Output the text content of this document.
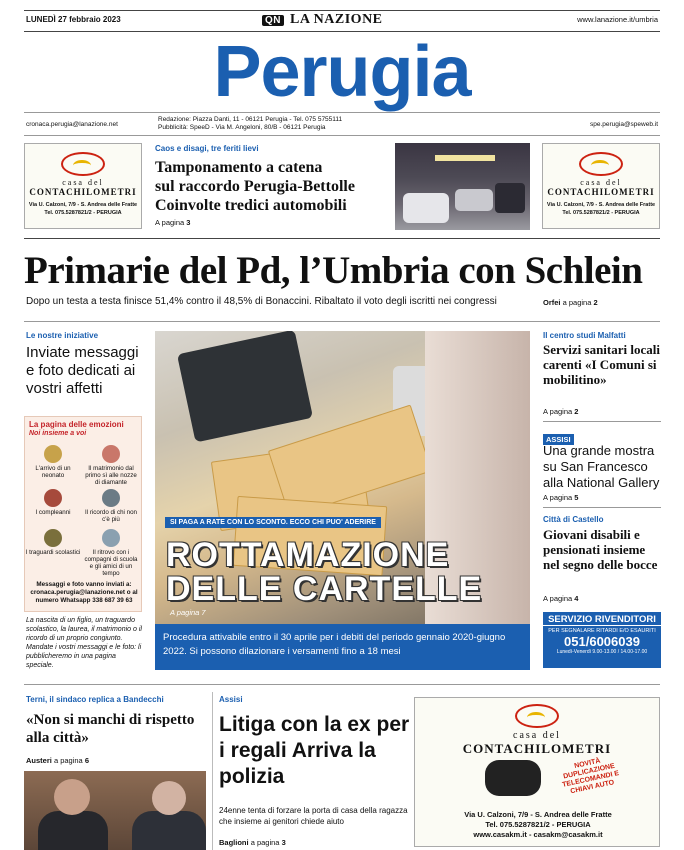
LUNEDÌ 27 febbraio 2023	QN LA NAZIONE	www.lanazione.it/umbria
Perugia
cronaca.perugia@lanazione.net
Redazione: Piazza Danti, 11 - 06121 Perugia - Tel. 075 5755111
Pubblicità: SpeeD - Via M. Angeloni, 80/B - 06121 Perugia	spe.perugia@speweb.it
casa del
CONTACHILOMETRI
Via U. Calzoni, 7/9 - S. Andrea delle Fratte
Tel. 075.5287821/2 - PERUGIA
casa del
CONTACHILOMETRI
Via U. Calzoni, 7/9 - S. Andrea delle Fratte
Tel. 075.5287821/2 - PERUGIA
Caos e disagi, tre feriti lievi
Tamponamento a catena
sul raccordo Perugia-Bettolle
Coinvolte tredici automobili
A pagina 3
Primarie del Pd, l’Umbria con Schlein
Dopo un testa a testa finisce 51,4% contro il 48,5% di Bonaccini. Ribaltato il voto degli iscritti nei congressi	Orfei a pagina 2
Le nostre iniziative
Inviate messaggi e foto dedicati ai vostri affetti
La pagina delle emozioni
Noi insieme a voi
L'arrivo di un neonato
Il matrimonio dal primo sì alle nozze di diamante
I compleanni	Il ricordo di chi non c'è più
I traguardi scolastici	Il ritrovo con i compagni di scuola e gli amici di un tempo
Messaggi e foto vanno inviati a: cronaca.perugia@lanazione.net o al numero Whatsapp 338 687 39 63
La nascita di un figlio, un traguardo scolastico, la laurea, il matrimonio o il ricordo di un proprio congiunto. Mandate i vostri messaggi e le foto: li pubblicheremo in una pagina speciale.
SI PAGA A RATE CON LO SCONTO. ECCO CHI PUO' ADERIRE
ROTTAMAZIONE
DELLE CARTELLE
A pagina 7
Procedura attivabile entro il 30 aprile per i debiti del periodo gennaio 2020-giugno 2022. Si possono dilazionare i versamenti fino a 18 mesi
Il centro studi Malfatti
Servizi sanitari locali carenti «I Comuni si mobilitino»
A pagina 2
ASSISI
Una grande mostra su San Francesco alla National Gallery
A pagina 5
Città di Castello
Giovani disabili e pensionati insieme nel segno delle bocce
A pagina 4
SERVIZIO RIVENDITORI
PER SEGNALARE RITARDI E/O ESAURITI
051/6006039
Lunedì-Venerdì 9.00-13.00 / 14.00-17.00
Terni, il sindaco replica a Bandecchi
«Non si manchi di rispetto alla città»
Austeri a pagina 6
Assisi
Litiga con la ex per i regali Arriva la polizia
24enne tenta di forzare la porta di casa della ragazza che insieme ai genitori chiede aiuto
Baglioni a pagina 3
casa del
CONTACHILOMETRI
NOVITÀ DUPLICAZIONE TELECOMANDI E CHIAVI AUTO
Via U. Calzoni, 7/9 - S. Andrea delle Fratte
Tel. 075.5287821/2 - PERUGIA
www.casakm.it - casakm@casakm.it
